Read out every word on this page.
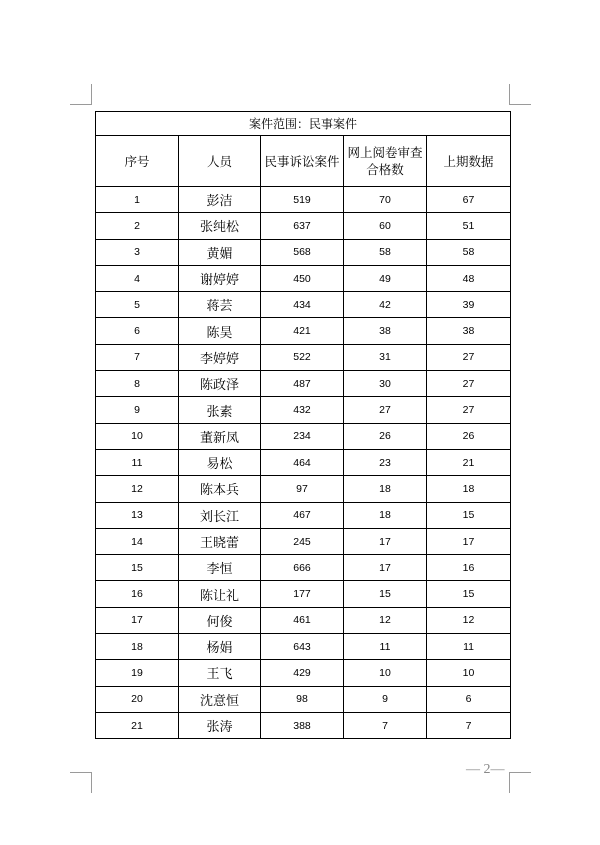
案件范围：民事案件				
序号	人员	民事诉讼案件	网上阅卷审查合格数	上期数据
1	彭洁	519	70	67
2	张纯松	637	60	51
3	黄媚	568	58	58
4	谢婷婷	450	49	48
5	蒋芸	434	42	39
6	陈昊	421	38	38
7	李婷婷	522	31	27
8	陈政泽	487	30	27
9	张素	432	27	27
10	董新凤	234	26	26
11	易松	464	23	21
12	陈本兵	97	18	18
13	刘长江	467	18	15
14	王晓蕾	245	17	17
15	李恒	666	17	16
16	陈让礼	177	15	15
17	何俊	461	12	12
18	杨娟	643	11	11
19	王飞	429	10	10
20	沈意恒	98	9	6
21	张涛	388	7	7
— 2—
